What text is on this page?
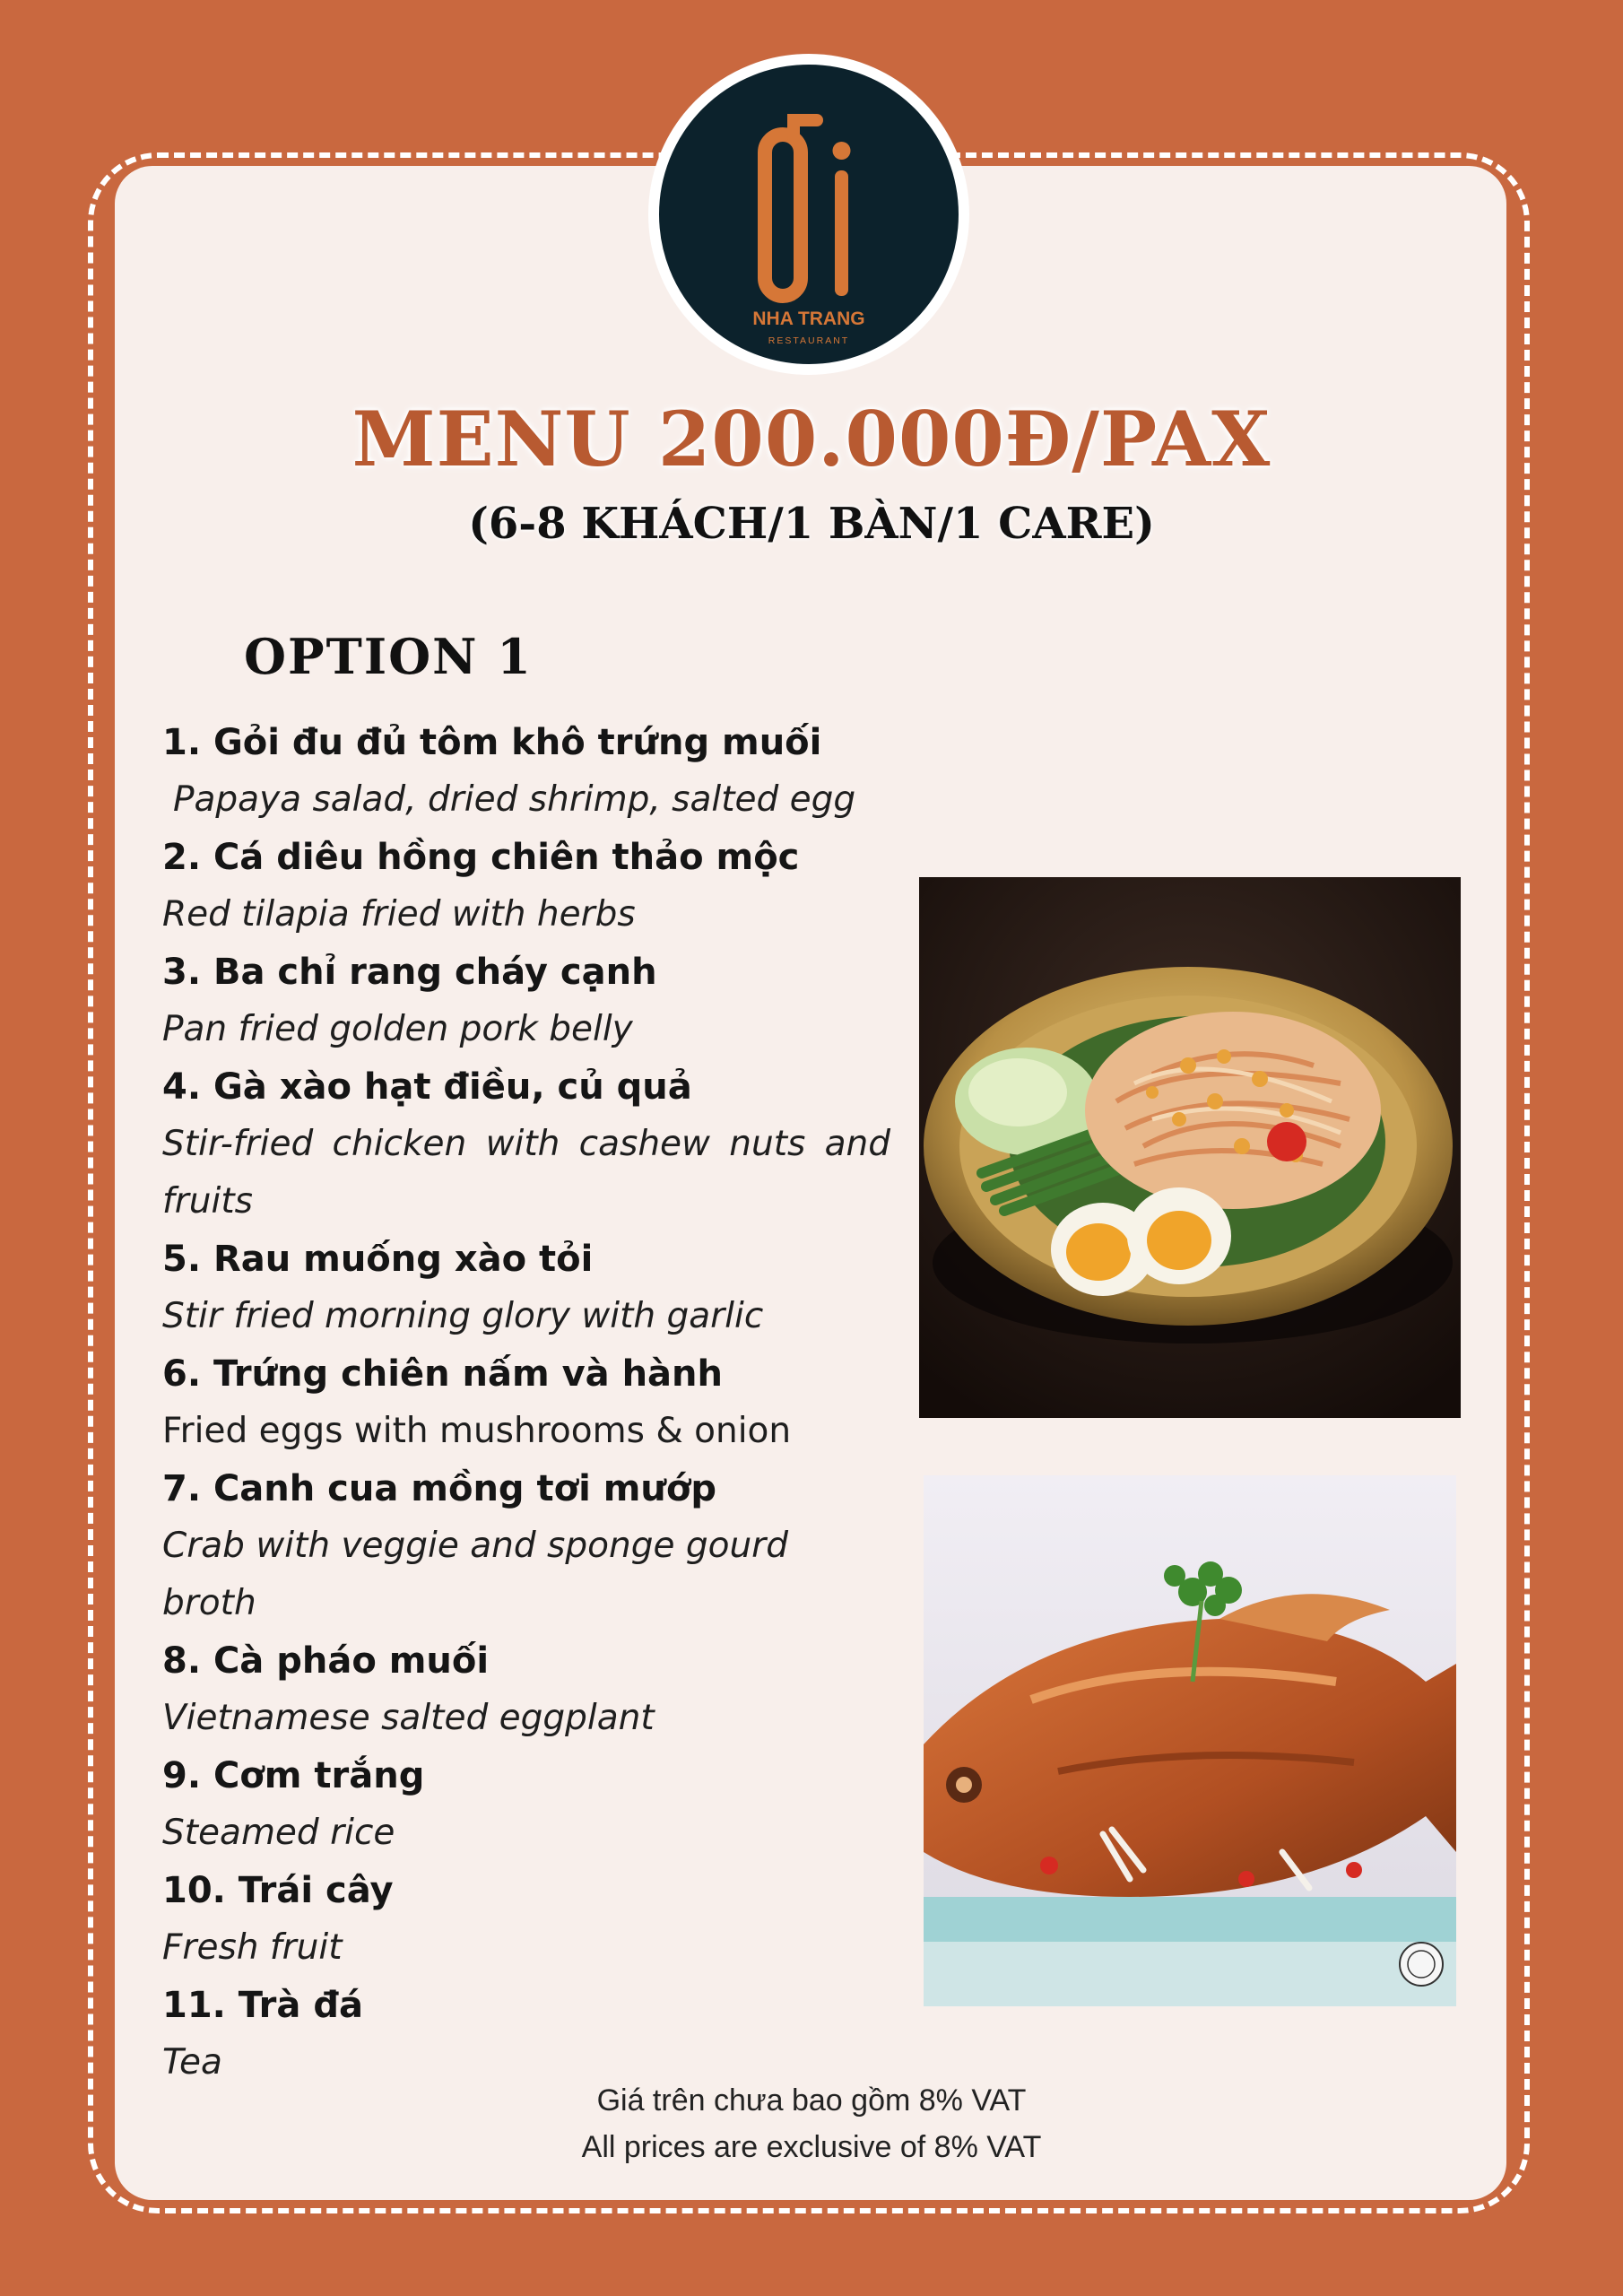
NHA TRANG
RESTAURANT
MENU 200.000Đ/PAX
(6-8 KHÁCH/1 BÀN/1 CARE)
OPTION 1
1. Gỏi đu đủ tôm khô trứng muối
Papaya salad, dried shrimp, salted egg
2. Cá diêu hồng chiên thảo mộc
Red tilapia fried with herbs
3. Ba chỉ rang cháy cạnh
Pan fried golden pork belly
4. Gà xào hạt điều, củ quả
Stir-fried chicken with cashew nuts and fruits
5. Rau muống xào tỏi
Stir fried morning glory with garlic
6. Trứng chiên nấm và hành
Fried eggs with mushrooms & onion
7. Canh cua mồng tơi mướp
Crab with veggie and sponge gourd broth
8. Cà pháo muối
Vietnamese salted eggplant
9. Cơm trắng
Steamed rice
10. Trái cây
Fresh fruit
11. Trà đá
Tea
Giá trên chưa bao gồm 8% VAT
All prices are exclusive of 8% VAT
